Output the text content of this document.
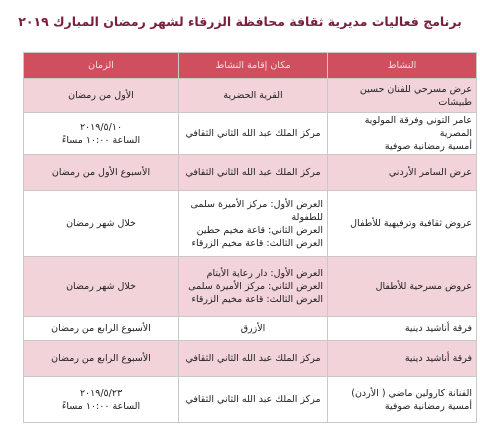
برنامج فعاليات مديرية ثقافة محافظة الزرقاء لشهر رمضان المبارك ٢٠١٩
النشاط	مكان إقامة النشاط	الزمان

عرض مسرحي للفنان حسين طبيشات	القرية الحضرية	الأول من رمضان

عامر التوني وفرقة المولوية المصرية
أمسية رمضانية صوفية	مركز الملك عبد الله الثاني الثقافي	٢٠١٩/٥/١٠
الساعة ١٠:٠٠ مساءً

عرض السامر الأردني	مركز الملك عبد الله الثاني الثقافي	الأسبوع الأول من رمضان

عروض ثقافية وترفيهية للأطفال	العرض الأول: مركز الأميرة سلمى للطفولة
العرض الثاني: قاعة مخيم حطين
العرض الثالث: قاعة مخيم الزرقاء	خلال شهر رمضان

عروض مسرحية للأطفال	العرض الأول: دار رعاية الأيتام
العرض الثاني: مركز الأميرة سلمى
العرض الثالث: قاعة مخيم الزرقاء	خلال شهر رمضان

فرقة أناشيد دينية	الأزرق	الأسبوع الرابع من رمضان

فرقة أناشيد دينية	مركز الملك عبد الله الثاني الثقافي	الأسبوع الرابع من رمضان

الفنانة كارولين ماضي ( الأردن)
أمسية رمضانية صوفية	مركز الملك عبد الله الثاني الثقافي	٢٠١٩/٥/٢٣
الساعة ١٠:٠٠ مساءً
